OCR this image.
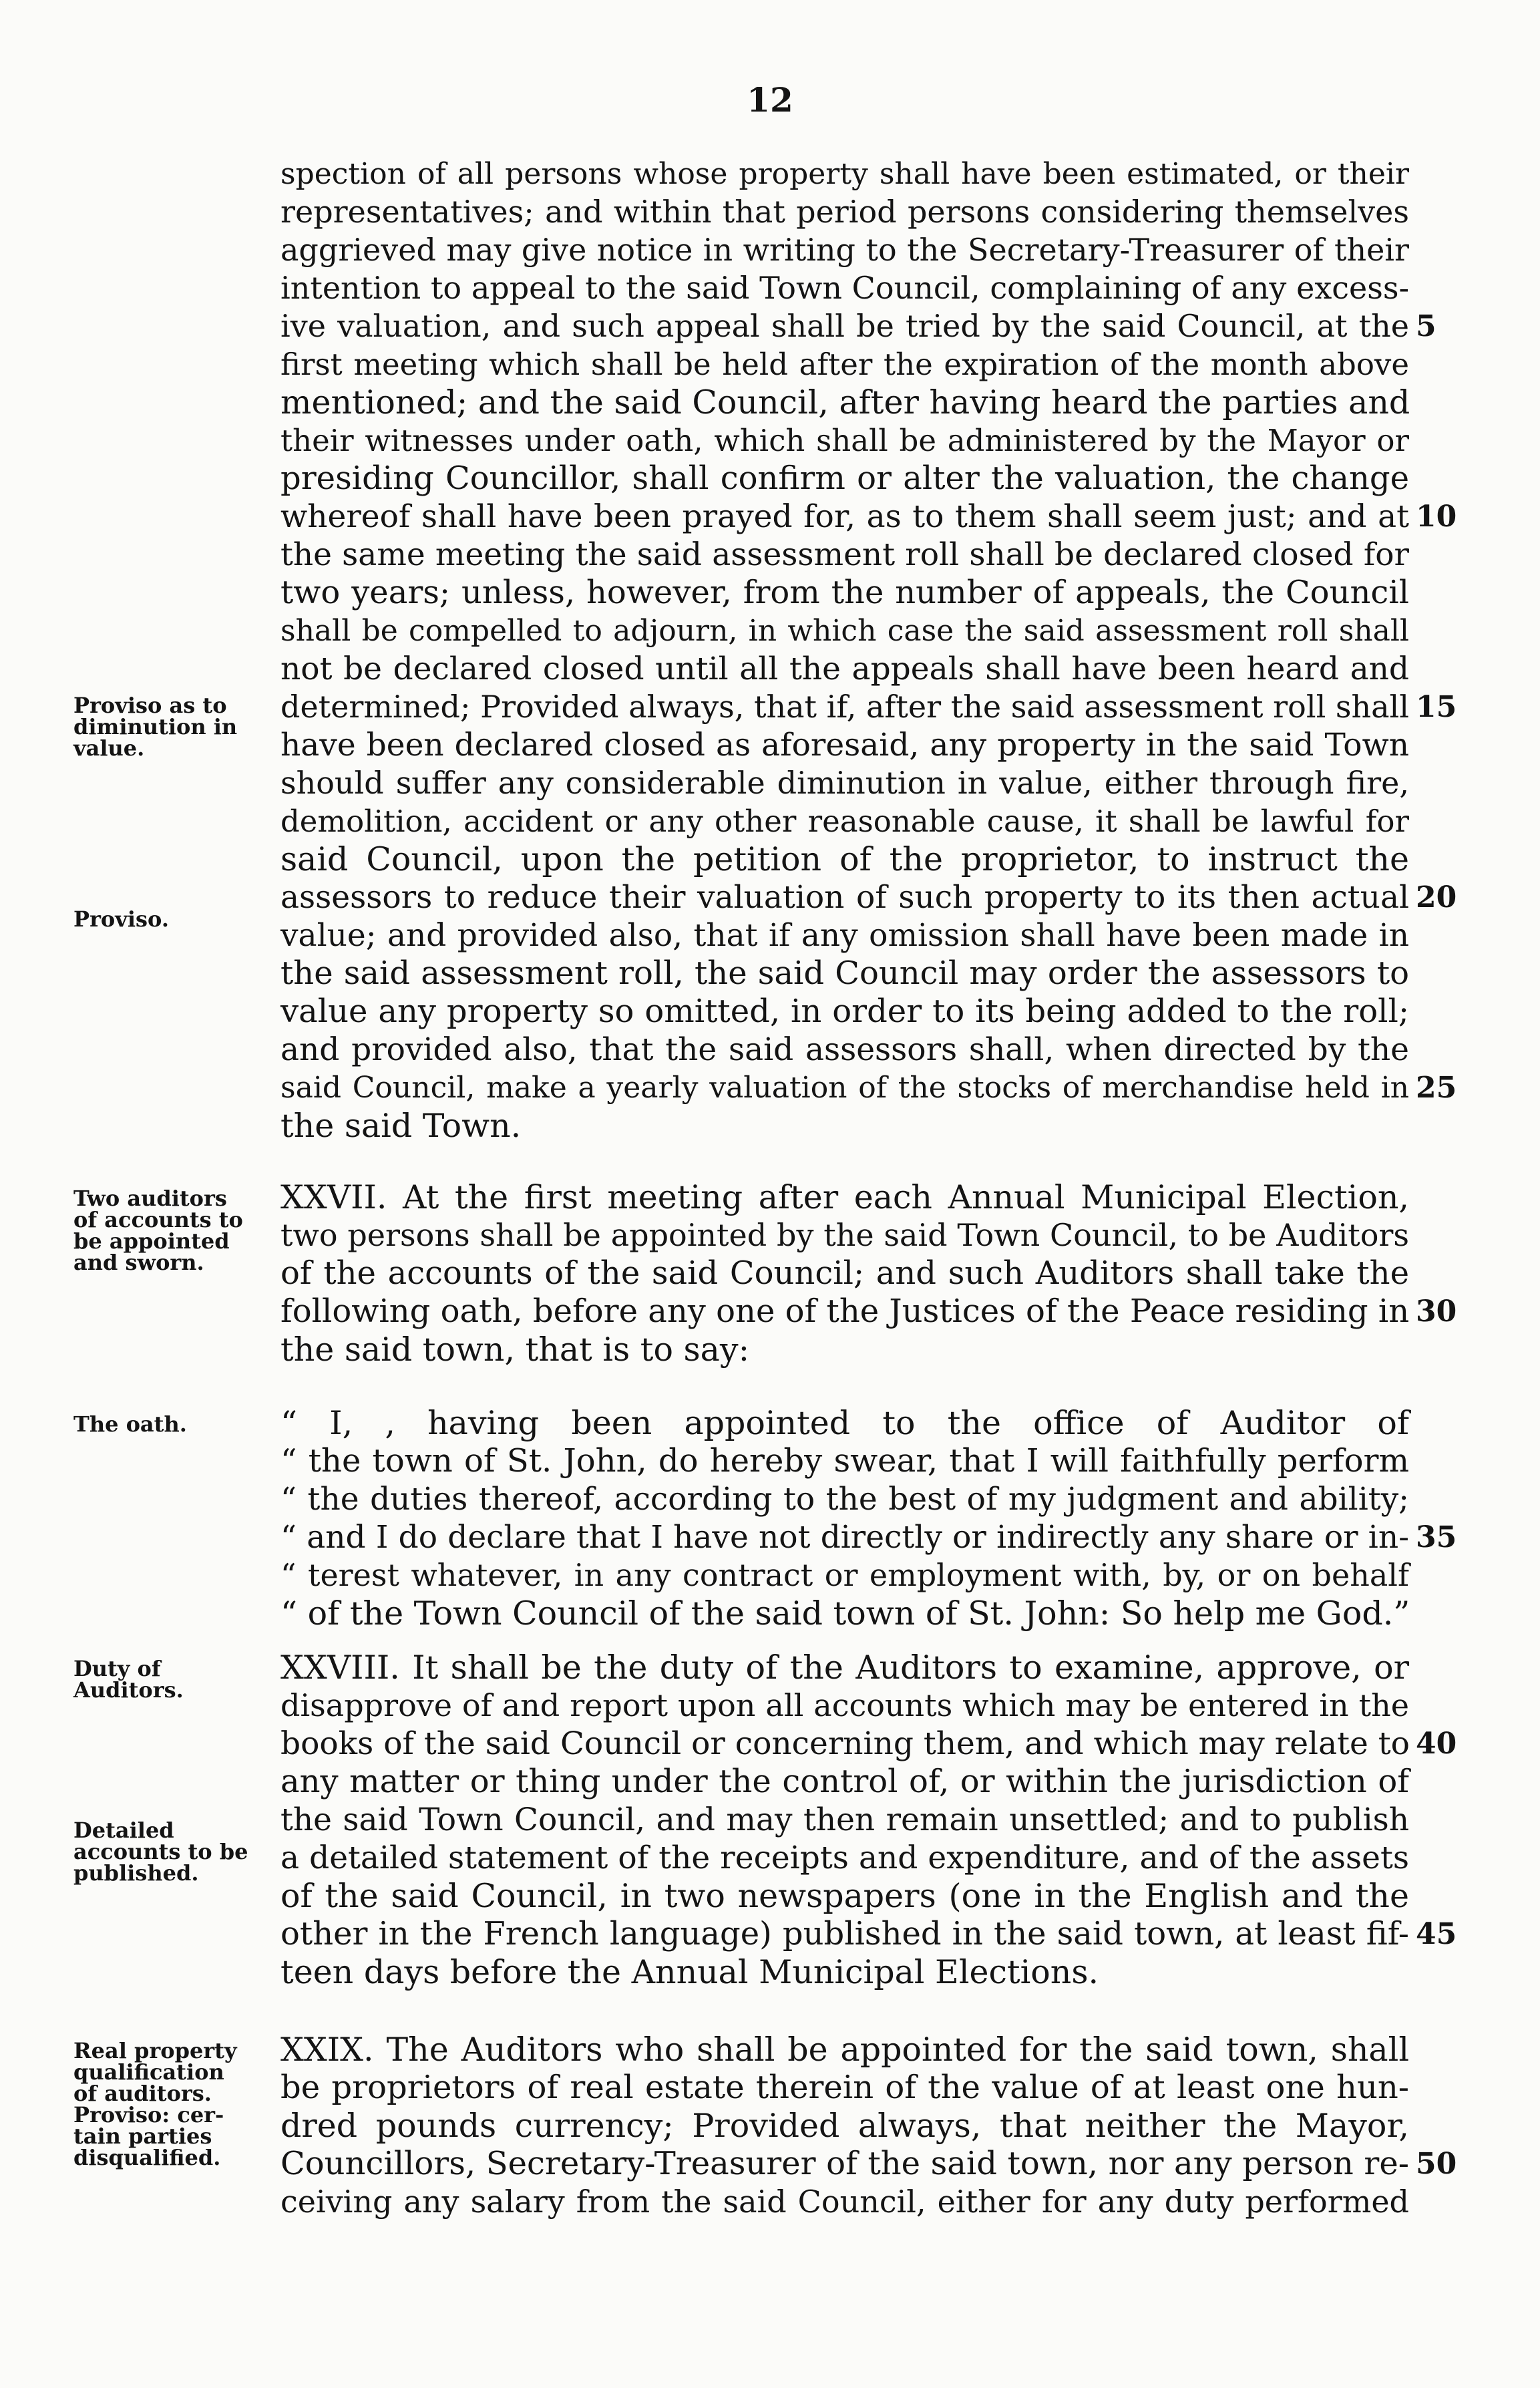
12
spection of all persons whose property shall have been estimated, or their
representatives; and within that period persons considering themselves
aggrieved may give notice in writing to the Secretary-Treasurer of their
intention to appeal to the said Town Council, complaining of any excess-
ive valuation, and such appeal shall be tried by the said Council, at the
first meeting which shall be held after the expiration of the month above
mentioned; and the said Council, after having heard the parties and
their witnesses under oath, which shall be administered by the Mayor or
presiding Councillor, shall confirm or alter the valuation, the change
whereof shall have been prayed for, as to them shall seem just; and at
the same meeting the said assessment roll shall be declared closed for
two years; unless, however, from the number of appeals, the Council
shall be compelled to adjourn, in which case the said assessment roll shall
not be declared closed until all the appeals shall have been heard and
determined; Provided always, that if, after the said assessment roll shall
have been declared closed as aforesaid, any property in the said Town
should suffer any considerable diminution in value, either through fire,
demolition, accident or any other reasonable cause, it shall be lawful for
said Council, upon the petition of the proprietor, to instruct the
assessors to reduce their valuation of such property to its then actual
value; and provided also, that if any omission shall have been made in
the said assessment roll, the said Council may order the assessors to
value any property so omitted, in order to its being added to the roll;
and provided also, that the said assessors shall, when directed by the
said Council, make a yearly valuation of the stocks of merchandise held in
the said Town.
5
10
15
20
25
Proviso as to
diminution in
value.
Proviso.
XXVII. At the first meeting after each Annual Municipal Election,
two persons shall be appointed by the said Town Council, to be Auditors
of the accounts of the said Council; and such Auditors shall take the
following oath, before any one of the Justices of the Peace residing in
the said town, that is to say:
30
Two auditors
of accounts to
be appointed
and sworn.
“ I, , having been appointed to the office of Auditor of
“ the town of St. John, do hereby swear, that I will faithfully perform
“ the duties thereof, according to the best of my judgment and ability;
“ and I do declare that I have not directly or indirectly any share or in-
“ terest whatever, in any contract or employment with, by, or on behalf
“ of the Town Council of the said town of St. John: So help me God.”
35
The oath.
XXVIII. It shall be the duty of the Auditors to examine, approve, or
disapprove of and report upon all accounts which may be entered in the
books of the said Council or concerning them, and which may relate to
any matter or thing under the control of, or within the jurisdiction of
the said Town Council, and may then remain unsettled; and to publish
a detailed statement of the receipts and expenditure, and of the assets
of the said Council, in two newspapers (one in the English and the
other in the French language) published in the said town, at least fif-
teen days before the Annual Municipal Elections.
40
45
Duty of
Auditors.
Detailed
accounts to be
published.
XXIX. The Auditors who shall be appointed for the said town, shall
be proprietors of real estate therein of the value of at least one hun-
dred pounds currency; Provided always, that neither the Mayor,
Councillors, Secretary-Treasurer of the said town, nor any person re-
ceiving any salary from the said Council, either for any duty performed
50
Real property
qualification
of auditors.
Proviso: cer-
tain parties
disqualified.
